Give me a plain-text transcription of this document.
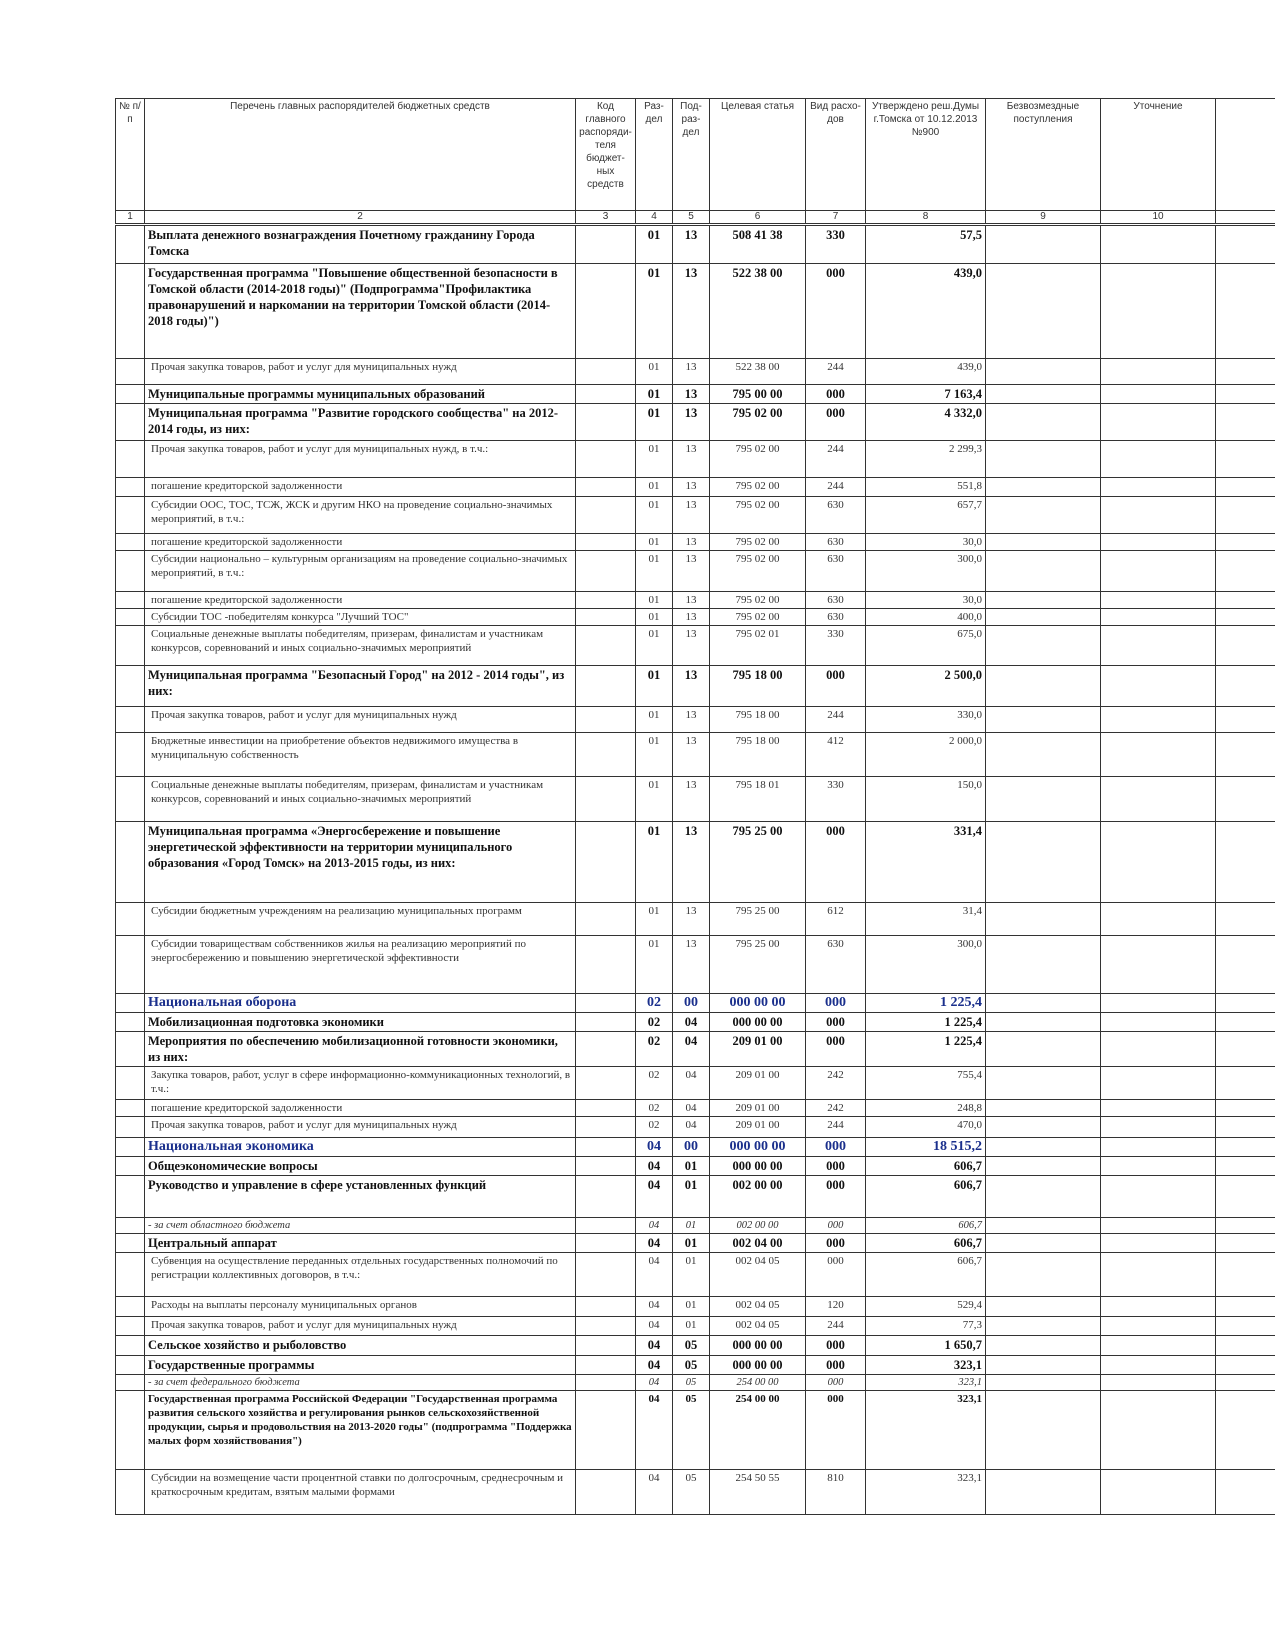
№ п/п	Перечень главных распорядителей бюджетных средств	Код главного распоряди-теля бюджет-ных средств	Раз-дел	Под-раз-дел	Целевая статья	Вид расхо-дов	Утверждено реш.Думы г.Томска от 10.12.2013 №900	Безвозмездные поступления	Уточнение	
1	2	3	4	5	6	7	8	9	10	
	Выплата денежного вознаграждения Почетному гражданину Города Томска		01	13	508 41 38	330	57,5			
	Государственная программа "Повышение общественной безопасности в Томской области (2014-2018 годы)" (Подпрограмма"Профилактика правонарушений и наркомании на территории Томской области (2014-2018 годы)")		01	13	522 38 00	000	439,0			
	Прочая закупка товаров, работ и услуг для муниципальных нужд		01	13	522 38 00	244	439,0			
	Муниципальные программы муниципальных образований		01	13	795 00 00	000	7 163,4			
	Муниципальная программа "Развитие городского сообщества" на 2012-2014 годы, из них:		01	13	795 02 00	000	4 332,0			
	Прочая закупка товаров, работ и услуг для муниципальных нужд, в т.ч.:		01	13	795 02 00	244	2 299,3			
	погашение кредиторской задолженности		01	13	795 02 00	244	551,8			
	Субсидии ООС, ТОС, ТСЖ, ЖСК и другим НКО на проведение социально-значимых мероприятий, в т.ч.:		01	13	795 02 00	630	657,7			
	погашение кредиторской задолженности		01	13	795 02 00	630	30,0			
	Субсидии национально – культурным организациям на проведение социально-значимых мероприятий, в т.ч.:		01	13	795 02 00	630	300,0			
	погашение кредиторской задолженности		01	13	795 02 00	630	30,0			
	Субсидии ТОС -победителям конкурса "Лучший ТОС"		01	13	795 02 00	630	400,0			
	Социальные денежные выплаты победителям, призерам, финалистам и участникам конкурсов, соревнований и иных социально-значимых мероприятий		01	13	795 02 01	330	675,0			
	Муниципальная программа "Безопасный Город" на 2012 - 2014 годы", из них:		01	13	795 18 00	000	2 500,0			
	Прочая закупка товаров, работ и услуг для муниципальных нужд		01	13	795 18 00	244	330,0			
	Бюджетные инвестиции на приобретение объектов недвижимого имущества в муниципальную собственность		01	13	795 18 00	412	2 000,0			
	Социальные денежные выплаты победителям, призерам, финалистам и участникам конкурсов, соревнований и иных социально-значимых мероприятий		01	13	795 18 01	330	150,0			
	Муниципальная программа «Энергосбережение и повышение энергетической эффективности на территории муниципального образования «Город Томск» на 2013-2015 годы, из них:		01	13	795 25 00	000	331,4			
	Субсидии бюджетным учреждениям на реализацию муниципальных программ		01	13	795 25 00	612	31,4			
	Субсидии товариществам собственников жилья на реализацию мероприятий по энергосбережению и повышению энергетической эффективности		01	13	795 25 00	630	300,0			
	Национальная оборона		02	00	000 00 00	000	1 225,4			
	Мобилизационная подготовка экономики		02	04	000 00 00	000	1 225,4			
	Мероприятия по обеспечению мобилизационной готовности экономики, из них:		02	04	209 01 00	000	1 225,4			
	Закупка товаров, работ, услуг в сфере информационно-коммуникационных технологий, в т.ч.:		02	04	209 01 00	242	755,4			
	погашение кредиторской задолженности		02	04	209 01 00	242	248,8			
	Прочая закупка товаров, работ и услуг для муниципальных нужд		02	04	209 01 00	244	470,0			
	Национальная экономика		04	00	000 00 00	000	18 515,2			
	Общеэкономические вопросы		04	01	000 00 00	000	606,7			
	Руководство и управление в сфере установленных функций		04	01	002 00 00	000	606,7			
	- за счет областного бюджета		04	01	002 00 00	000	606,7			
	Центральный аппарат		04	01	002 04 00	000	606,7			
	Субвенция на осуществление переданных отдельных государственных полномочий по регистрации коллективных договоров, в т.ч.:		04	01	002 04 05	000	606,7			
	Расходы на выплаты персоналу муниципальных органов		04	01	002 04 05	120	529,4			
	Прочая закупка товаров, работ и услуг для муниципальных нужд		04	01	002 04 05	244	77,3			
	Сельское хозяйство и рыболовство		04	05	000 00 00	000	1 650,7			
	Государственные программы		04	05	000 00 00	000	323,1			
	- за счет федерального бюджета		04	05	254 00 00	000	323,1			
	Государственная программа Российской Федерации "Государственная программа развития сельского хозяйства и регулирования рынков сельскохозяйственной продукции, сырья и продовольствия на 2013-2020 годы" (подпрограмма "Поддержка малых форм хозяйствования")		04	05	254 00 00	000	323,1			
	Субсидии на возмещение части процентной ставки по долгосрочным, среднесрочным и краткосрочным кредитам, взятым малыми формами		04	05	254 50 55	810	323,1			
